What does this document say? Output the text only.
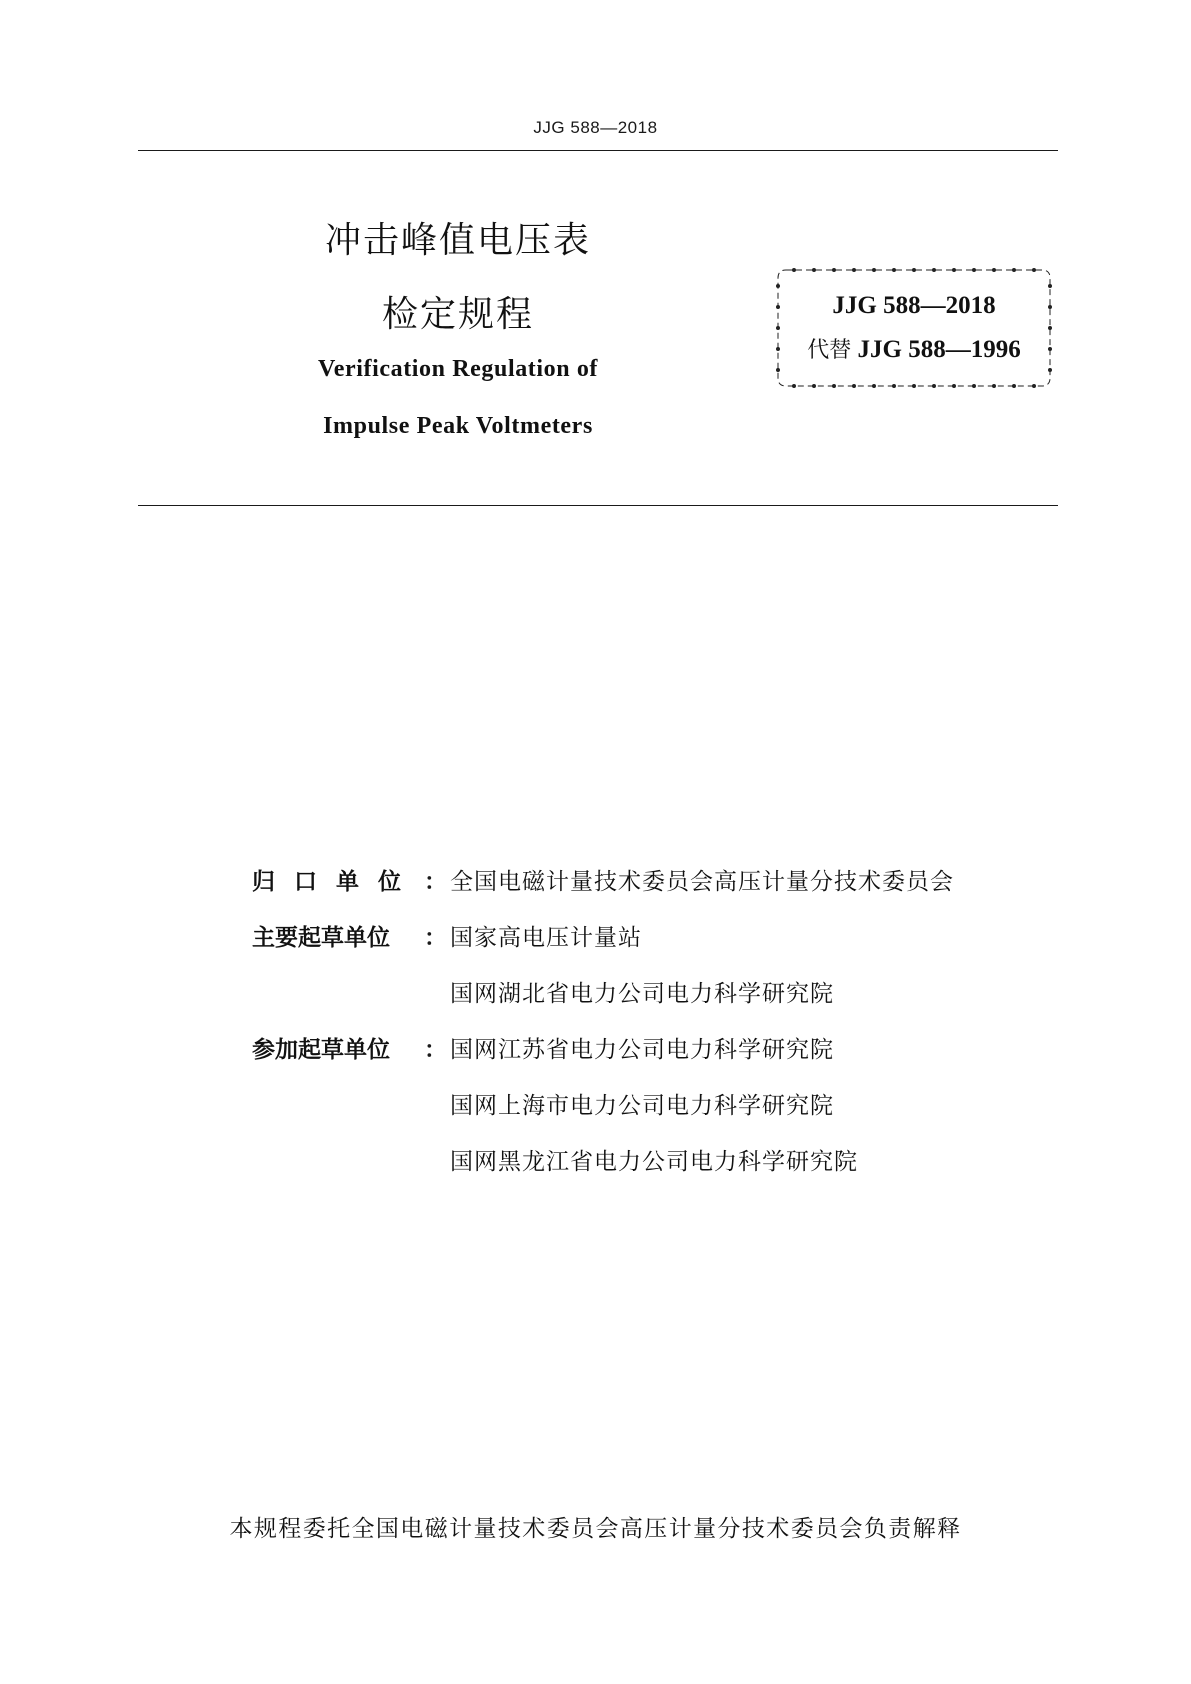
JJG 588—2018
冲击峰值电压表
检定规程
Verification Regulation of
Impulse Peak Voltmeters
JJG 588—2018
代替 JJG 588—1996
归口单位 ： 全国电磁计量技术委员会高压计量分技术委员会
主要起草单位	： 国家高电压计量站
国网湖北省电力公司电力科学研究院
参加起草单位	： 国网江苏省电力公司电力科学研究院
国网上海市电力公司电力科学研究院
国网黑龙江省电力公司电力科学研究院
本规程委托全国电磁计量技术委员会高压计量分技术委员会负责解释
